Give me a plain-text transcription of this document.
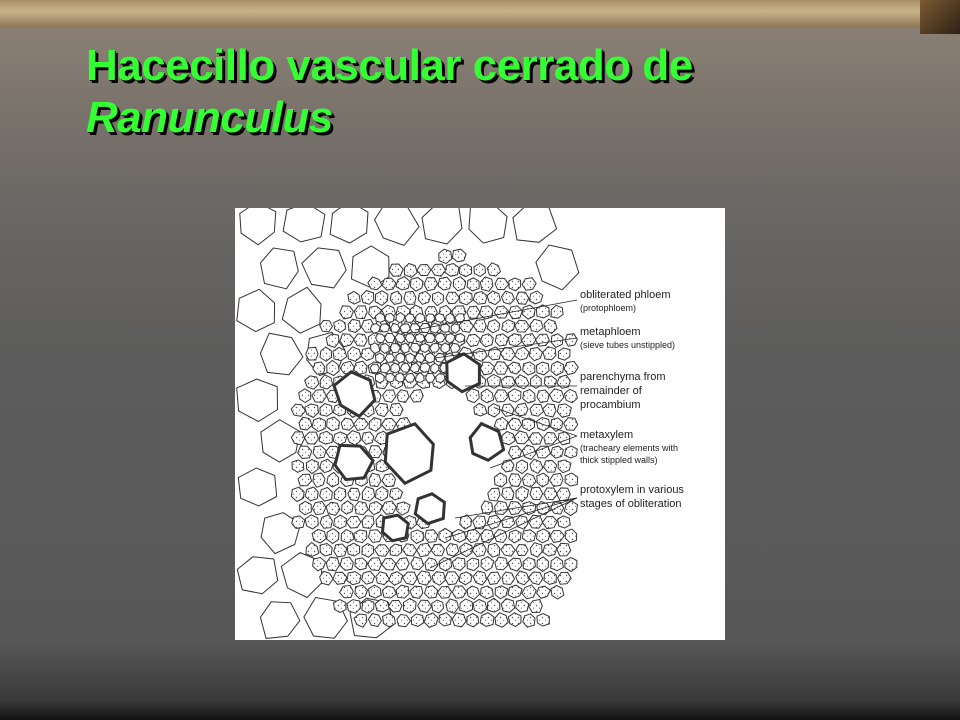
Hacecillo vascular cerrado de
Ranunculus
obliterated phloem
(protophloem)
metaphloem
(sieve tubes unstippled)
parenchyma from
remainder of
procambium
metaxylem
(tracheary elements with
thick stippled walls)
protoxylem in various
stages of obliteration
